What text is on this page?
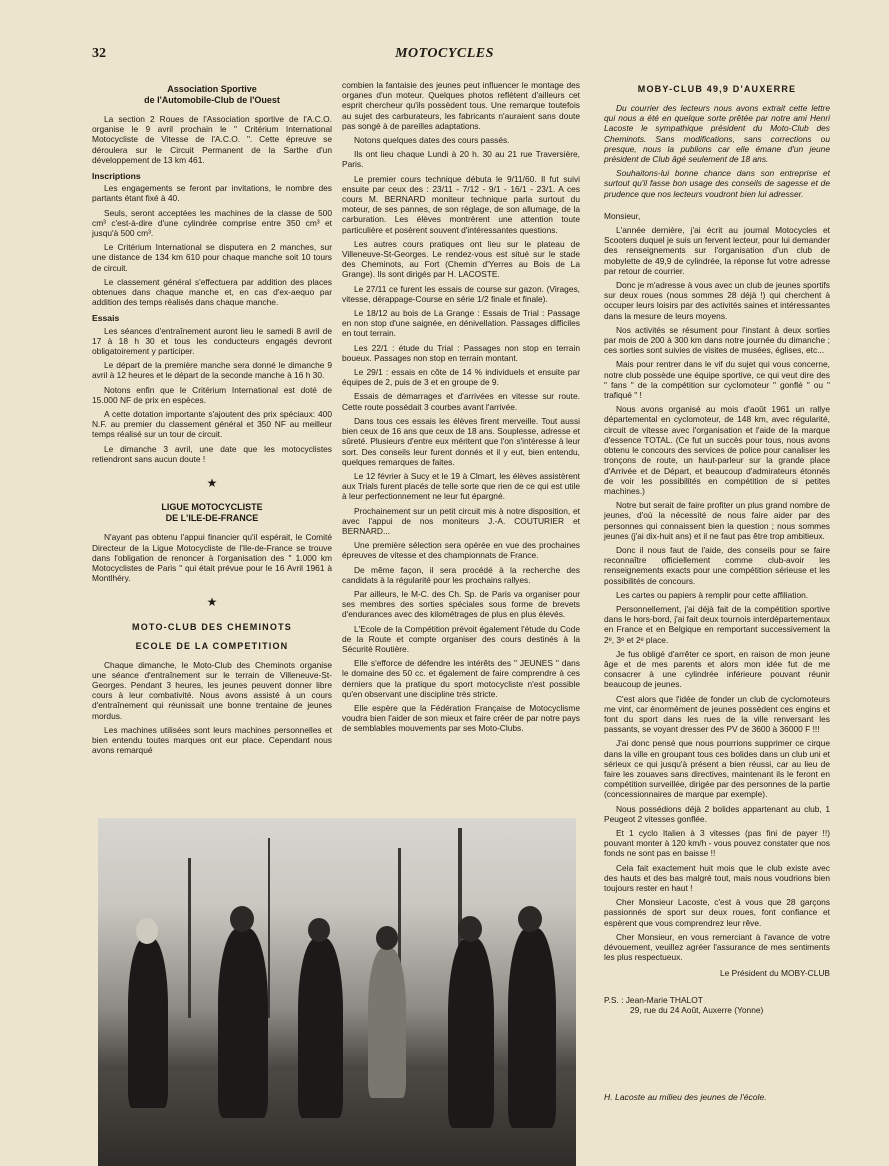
32	MOTOCYCLES
Association Sportive
de l'Automobile-Club de l'Ouest

La section 2 Roues de l'Association sportive de l'A.C.O. organise le 9 avril prochain le " Critérium International Motocycliste de Vitesse de l'A.C.O. ". Cette épreuve se déroulera sur le Circuit Permanent de la Sarthe d'un développement de 13 km 461.

Inscriptions

Les engagements se feront par invitations, le nombre des partants étant fixé à 40.

Seuls, seront acceptées les machines de la classe de 500 cm³ c'est-à-dire d'une cylindrée comprise entre 350 cm³ et jusqu'à 500 cm³.

Le Critérium International se disputera en 2 manches, sur une distance de 134 km 610 pour chaque manche soit 10 tours de circuit.

Le classement général s'effectuera par addition des places obtenues dans chaque manche et, en cas d'ex-aequo par addition des temps réalisés dans chaque manche.

Essais

Les séances d'entraînement auront lieu le samedi 8 avril de 17 à 18 h 30 et tous les conducteurs engagés devront obligatoirement y participer.

Le départ de la première manche sera donné le dimanche 9 avril à 12 heures et le départ de la seconde manche à 16 h 30.

Notons enfin que le Critérium International est doté de 15.000 NF de prix en espèces.

A cette dotation importante s'ajoutent des prix spéciaux: 400 N.F. au premier du classement général et 350 NF au meilleur temps réalisé sur un tour de circuit.

Le dimanche 3 avril, une date que les motocyclistes retiendront sans aucun doute !

★
LIGUE MOTOCYCLISTE
DE L'ILE-DE-FRANCE

N'ayant pas obtenu l'appui financier qu'il espérait, le Comité Directeur de la Ligue Motocycliste de l'Ile-de-France se trouve dans l'obligation de renoncer à l'organisation des " 1.000 km Motocyclistes de Paris " qui était prévue pour le 16 Avril 1961 à Montlhéry.

★
MOTO-CLUB DES CHEMINOTS
ECOLE DE LA COMPETITION

Chaque dimanche, le Moto-Club des Cheminots organise une séance d'entraînement sur le terrain de Villeneuve-St-Georges. Pendant 3 heures, les jeunes peuvent donner libre cours à leur combativité. Nous avons assisté à un cours d'entraînement qui réunissait une bonne trentaine de jeunes mordus.

Les machines utilisées sont leurs machines personnelles et bien entendu toutes marques ont eur place. Cependant nous avons remarqué

combien la fantaisie des jeunes peut influencer le montage des organes d'un moteur. Quelques photos reflètent d'ailleurs cet esprit chercheur qu'ils possèdent tous. Une remarque toutefois au sujet des carburateurs, les fabricants n'auraient sans doute pas songé à de pareilles adaptations.

Notons quelques dates des cours passés.

Ils ont lieu chaque Lundi à 20 h. 30 au 21 rue Traversière, Paris.

Le premier cours technique débuta le 9/11/60. Il fut suivi ensuite par ceux des : 23/11 - 7/12 - 9/1 - 16/1 - 23/1. A ces cours M. BERNARD moniteur technique parla surtout du moteur, de ses pannes, de son réglage, de son allumage, de la carburation. Les élèves montrèrent une attention toute particulière et posèrent souvent d'intéressantes questions.

Les autres cours pratiques ont lieu sur le plateau de Villeneuve-St-Georges. Le rendez-vous est situé sur le stade des Cheminots, au Fort (Chemin d'Yerres au Bois de La Grange). Ils sont dirigés par H. LACOSTE.

Le 27/11 ce furent les essais de course sur gazon. (Virages, vitesse, dérappage-Course en série 1/2 finale et finale).

Le 18/12 au bois de La Grange : Essais de Trial : Passage en non stop d'une saignée, en dénivellation. Passages difficiles en tout terrain.

Les 22/1 : étude du Trial : Passages non stop en terrain boueux. Passages non stop en terrain montant.

Le 29/1 : essais en côte de 14 % individuels et ensuite par équipes de 2, puis de 3 et en groupe de 9.

Essais de démarrages et d'arrivées en vitesse sur route. Cette route possédait 3 courbes avant l'arrivée.

Dans tous ces essais les élèves firent merveille. Tout aussi bien ceux de 16 ans que ceux de 18 ans. Souplesse, adresse et sûreté. Plusieurs d'entre eux méritent que l'on s'intéresse à leur sort. Des conseils leur furent donnés et il y eut, bien entendu, quelques remarques de faites.

Le 12 février à Sucy et le 19 à Clmart, les élèves assistèrent aux Trials furent placés de telle sorte que rien de ce qui est utile à leur perfectionnement ne leur fut épargné.

Prochainement sur un petit circuit mis à notre disposition, et avec l'appui de nos moniteurs J.-A. COUTURIER et BERNARD...

Une première sélection sera opérée en vue des prochaines épreuves de vitesse et des championnats de France.

De même façon, il sera procédé à la recherche des candidats à la régularité pour les prochains rallyes.

Par ailleurs, le M-C. des Ch. Sp. de Paris va organiser pour ses membres des sorties spéciales sous forme de brevets d'endurances avec des kilométrages de plus en plus élevés.

L'Ecole de la Compétition prévoit également l'étude du Code de la Route et compte organiser des cours destinés à la Sécurité Routière.

Elle s'efforce de défendre les intérêts des " JEUNES " dans le domaine des 50 cc. et également de faire comprendre à ces derniers que la pratique du sport motocycliste n'est possible qu'en observant une discipline très stricte.

Elle espère que la Fédération Française de Motocyclisme voudra bien l'aider de son mieux et faire créer de par notre pays de semblables mouvements par ses Moto-Clubs.

MOBY-CLUB 49,9 D'AUXERRE

Du courrier des lecteurs nous avons extrait cette lettre qui nous a été en quelque sorte prêtée par notre ami Henri Lacoste le sympathique président du Moto-Club des Cheminots. Sans modifications, sans corrections ou presque, nous la publions car elle émane d'un jeune président de Club âgé seulement de 18 ans.

Souhaitons-lui bonne chance dans son entreprise et surtout qu'il fasse bon usage des conseils de sagesse et de prudence que nos lecteurs voudront bien lui adresser.

Monsieur,

L'année dernière, j'ai écrit au journal Motocycles et Scooters duquel je suis un fervent lecteur, pour lui demander des renseignements sur l'organisation d'un club de mobylette de 49,9 de cylindrée, la réponse fut votre adresse par retour de courrier.

Donc je m'adresse à vous avec un club de jeunes sportifs sur deux roues (nous sommes 28 déjà !) qui cherchent à occuper leurs loisirs par des activités saines et intéressantes dans la mesure de leurs moyens.

Nos activités se résument pour l'instant à deux sorties par mois de 200 à 300 km dans notre journée du dimanche ; ces sorties sont suivies de visites de musées, églises, etc...

Mais pour rentrer dans le vif du sujet qui vous concerne, notre club possède une équipe sportive, ce qui veut dire des " fans " de la compétition sur cyclomoteur " gonflé " ou " trafiqué " !

Nous avons organisé au mois d'août 1961 un rallye départemental en cyclomoteur, de 148 km, avec régularité, circuit de vitesse avec l'organisation et l'aide de la marque d'essence TOTAL. (Ce fut un succès pour tous, nous avons obtenu le concours des services de police pour canaliser les tronçons de route, un haut-parleur sur la grande place d'Arrivée et de Départ, et beaucoup d'admirateurs étonnés de voir les possibilités en compétition de si petites machines.)

Notre but serait de faire profiter un plus grand nombre de jeunes, d'où la nécessité de nous faire aider par des personnes qui connaissent bien la question ; nous sommes jeunes (j'ai dix-huit ans) et il ne faut pas être trop ambitieux.

Donc il nous faut de l'aide, des conseils pour se faire reconnaître officiellement comme club-avoir les renseignements exacts pour une compétition sérieuse et les possibilités de concours.

Les cartes ou papiers à remplir pour cette affiliation.

Personnellement, j'ai déjà fait de la compétition sportive dans le hors-bord, j'ai fait deux tournois interdépartementaux en France et en Belgique en remportant successivement la 2ᵉ, 3ᵉ et 2ᵉ place.

Je fus obligé d'arrêter ce sport, en raison de mon jeune âge et de mes parents et alors mon idée fut de me consacrer à une cylindrée inférieure pouvant réunir beaucoup de jeunes.

C'est alors que l'idée de fonder un club de cyclomoteurs me vint, car énormément de jeunes possèdent ces engins et font du sport dans les rues de la ville renversant les passants, se voyant dresser des PV de 3600 à 36000 F !!!

J'ai donc pensé que nous pourrions supprimer ce cirque dans la ville en groupant tous ces bolides dans un club uni et sérieux ce qui jusqu'à présent a bien réussi, car au lieu de faire les zouaves sans directives, maintenant ils le feront en compétition surveillée, dirigée par des personnes de la partie (concessionnaires de marque par exemple).

Nous possédions déjà 2 bolides appartenant au club, 1 Peugeot 2 vitesses gonflée.

Et 1 cyclo Italien à 3 vitesses (pas fini de payer !!) pouvant monter à 120 km/h - vous pouvez constater que nos fonds ne sont pas en baisse !!

Cela fait exactement huit mois que le club existe avec des hauts et des bas malgré tout, mais nous voudrions bien toujours rester en haut !

Cher Monsieur Lacoste, c'est à vous que 28 garçons passionnés de sport sur deux roues, font confiance et espèrent que vous comprendrez leur rêve.

Cher Monsieur, en vous remerciant à l'avance de votre dévouement, veuillez agréer l'assurance de mes sentiments les plus respectueux.

Le Président du MOBY-CLUB
P.S. : Jean-Marie THALOT
29, rue du 24 Août, Auxerre (Yonne)
H. Lacoste au milieu des jeunes de l'école.
